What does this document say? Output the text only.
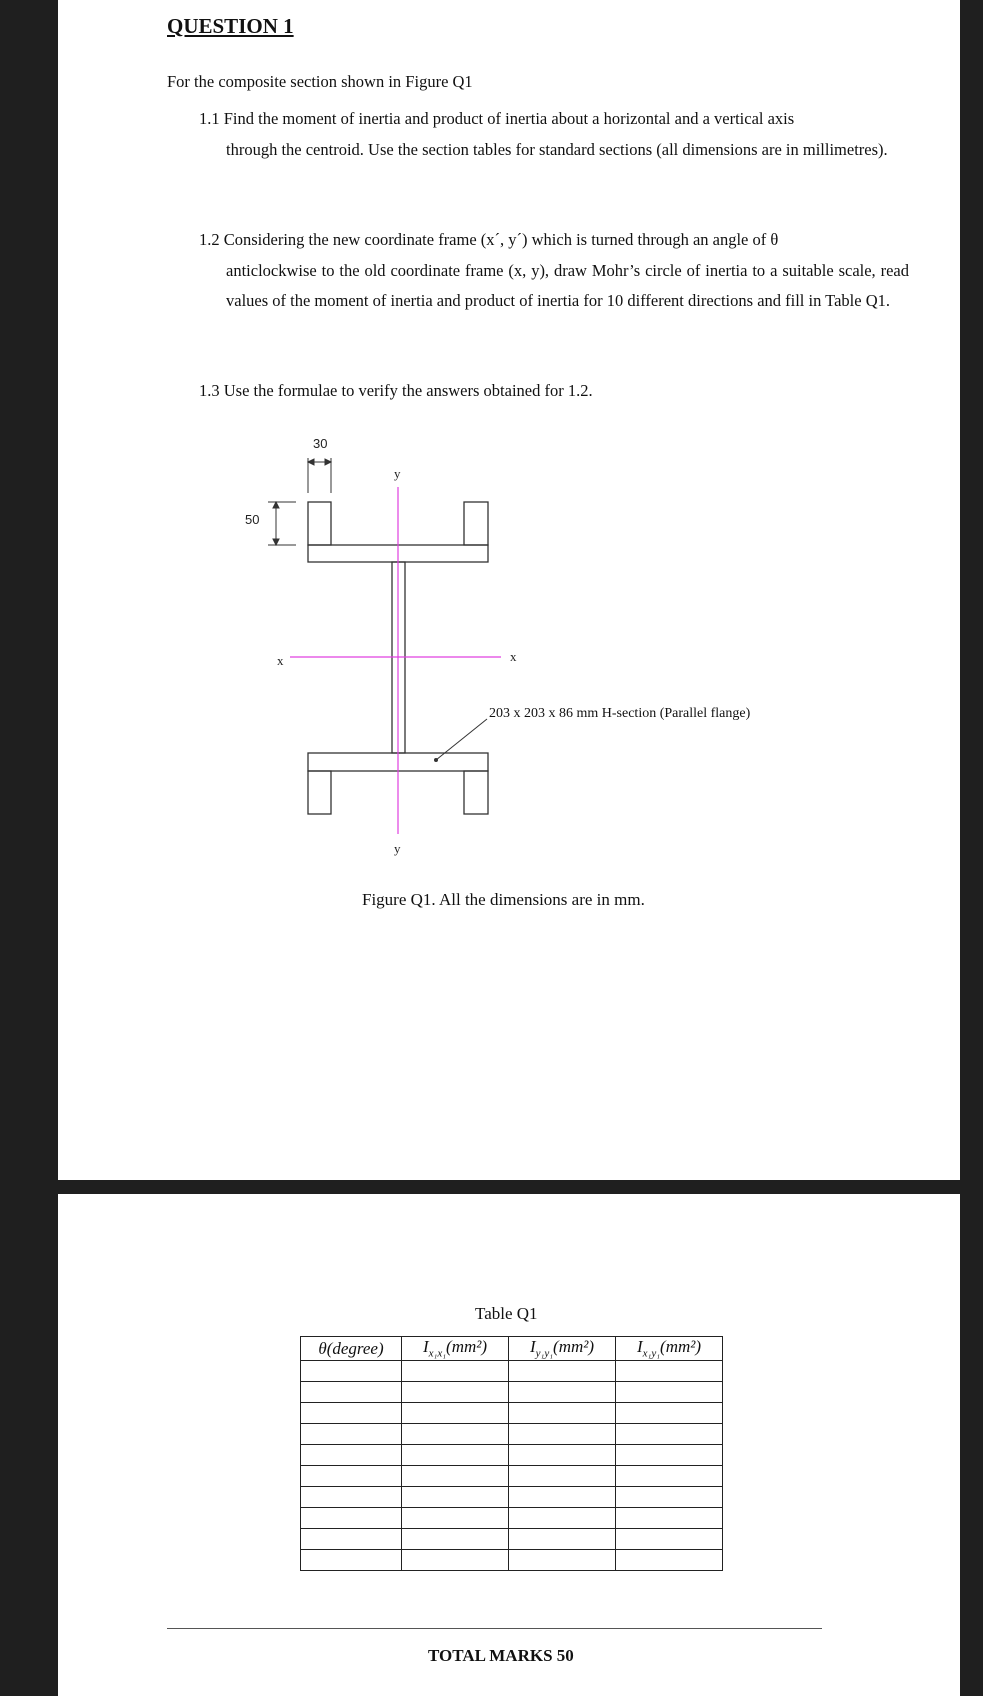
QUESTION 1
For the composite section shown in Figure Q1
1.1 Find the moment of inertia and product of inertia about a horizontal and a vertical axis
through the centroid. Use the section tables for standard sections (all dimensions are in millimetres).
1.2 Considering the new coordinate frame (x´, y´) which is turned through an angle of θ
anticlockwise to the old coordinate frame (x, y), draw Mohr’s circle of inertia to a suitable scale, read values of the moment of inertia and product of inertia for 10 different directions and fill in Table Q1.
1.3 Use the formulae to verify the answers obtained for 1.2.
30
50
y
y
x	x
203 x 203 x 86 mm H-section (Parallel flange)
Figure Q1. All the dimensions are in mm.
Table Q1
θ(degree)	$I_{x_1x_1}(mm^2)$	$I_{y_1y_1}(mm^2)$	$I_{x_1y_1}(mm^2)$

TOTAL MARKS 50
